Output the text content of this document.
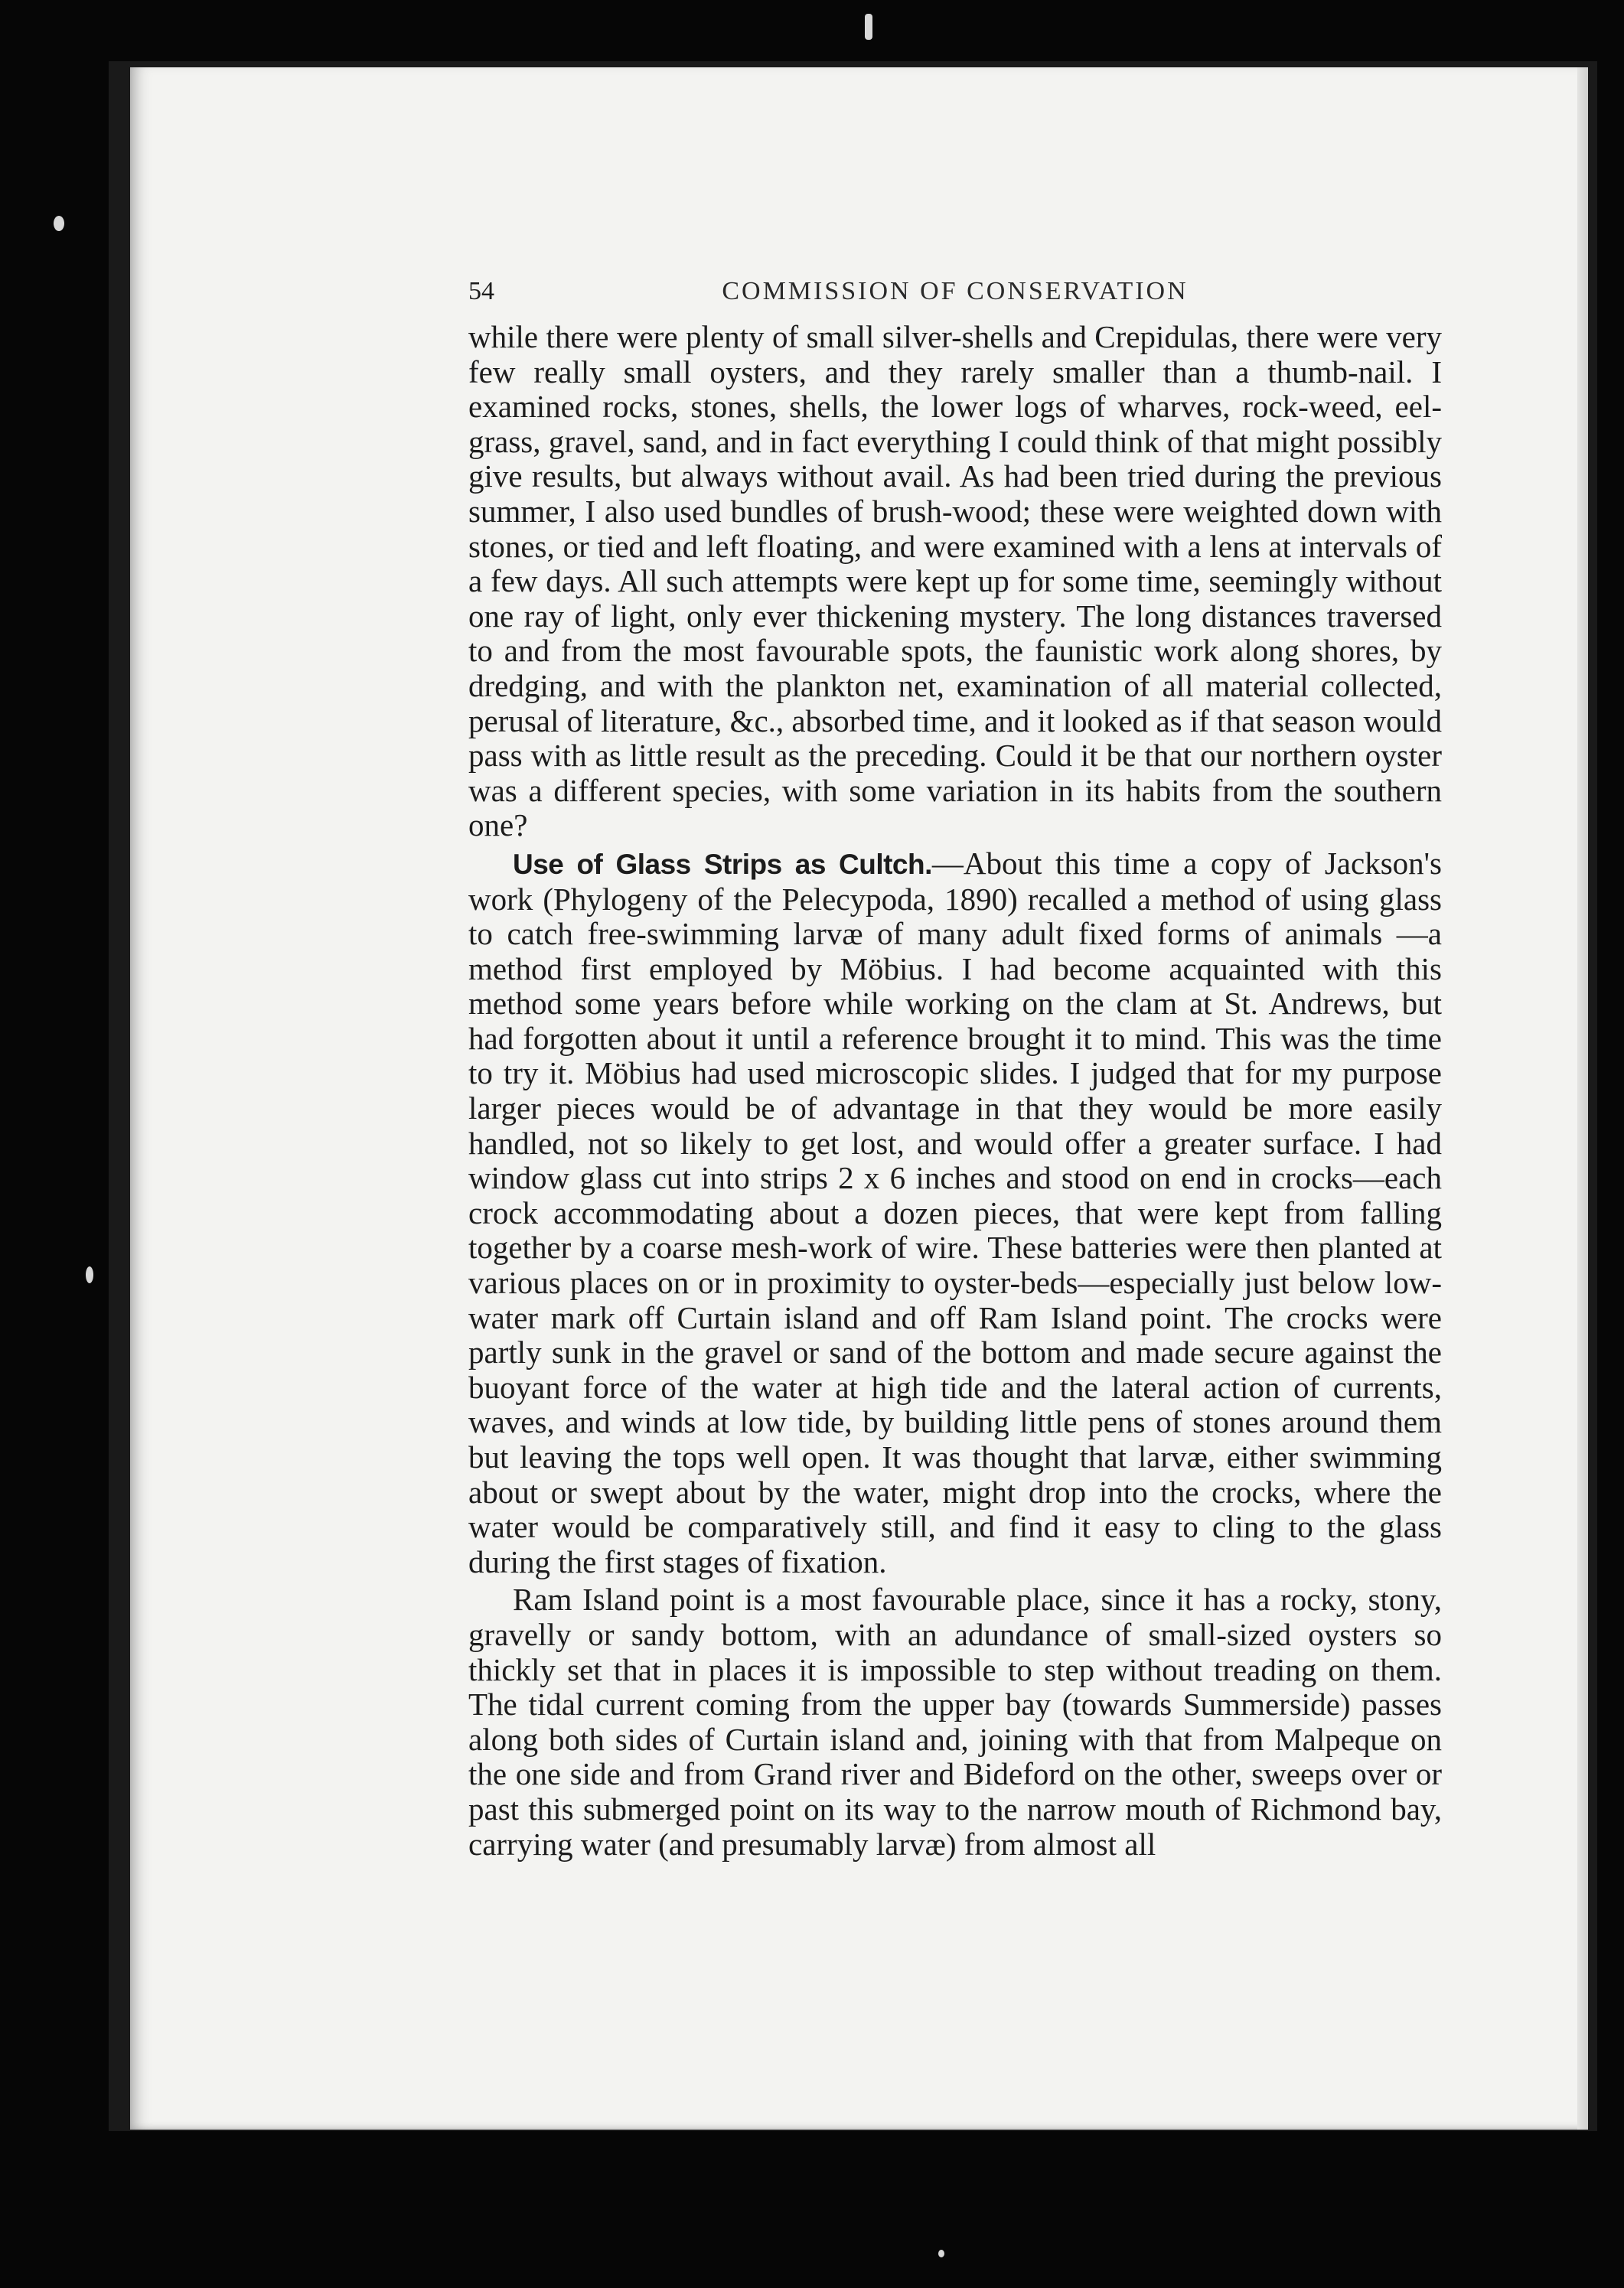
54	COMMISSION OF CONSERVATION

while there were plenty of small silver-shells and Crepidulas, there were very f⁠⁠ew really small oysters, and they rarely smaller than a thumb-nail. I examined rocks, stones, shells, the lower logs of wharves, rock-weed, eel-grass, gravel, sand, and in fact everything I could think of that might possibly give results, but always without avail. As had been tried during the previous summer, I also used bundles of brush-wood; these were weighted down with stones, or tied and left floating, and were examined with a lens at intervals of a few days. All such attempts were kept up for some time, seemingly without one ray of light, only ever thickening mystery. The long distances traversed to and from the most favourable spots, the faunistic work along shores, by dredging, and with the plankton net, examination of all material collected, perusal of literature, &c., absorbed time, and it looked as if that season would pass with as little result as the preceding. Could it be that our northern oyster was a different species, with some variation in its habits from the southern one?

Use of Glass Strips as Cultch.—About this time a copy of Jackson's work (Phylogeny of the Pelecypoda, 1890) recalled a method of using glass to catch free-swimming larvæ of many adult fixed forms of animals —a method first employed by Möbius. I had become acquainted with this method some years before while working on the clam at St. Andrews, but had forgotten about it until a reference brought it to mind. This was the time to try it. Möbius had used microscopic slides. I judged that for my purpose larger pieces would be of advantage in that they would be more easily handled, not so likely to get lost, and would offer a greater surface. I had window glass cut into strips 2 x 6 inches and stood on end in crocks—each crock accommodating about a dozen pieces, that were kept from falling together by a coarse mesh-work of wire. These batteries were then planted at various places on or in proximity to oyster-beds—especially just below low-water mark off Curtain island and off Ram Island point. The crocks were partly sunk in the gravel or sand of the bottom and made secure against the buoyant force of the water at high tide and the lateral action of currents, waves, and winds at low tide, by building little pens of stones around them but leaving the tops well open. It was thought that larvæ, either swimming about or swept about by the water, might drop into the crocks, where the water would be comparatively still, and find it easy to cling to the glass during the first stages of fixation.

Ram Island point is a most favourable place, since it has a rocky, stony, gravelly or sandy bottom, with an adundance of small-sized oysters so thickly set that in places it is impossible to step without treading on them. The tidal current coming from the upper bay (towards Summerside) passes along both sides of Curtain island and, joining with that from Malpeque on the one side and from Grand river and Bideford on the other, sweeps over or past this submerged point on its way to the narrow mouth of Richmond bay, carrying water (and presumably larvæ) from almost all
